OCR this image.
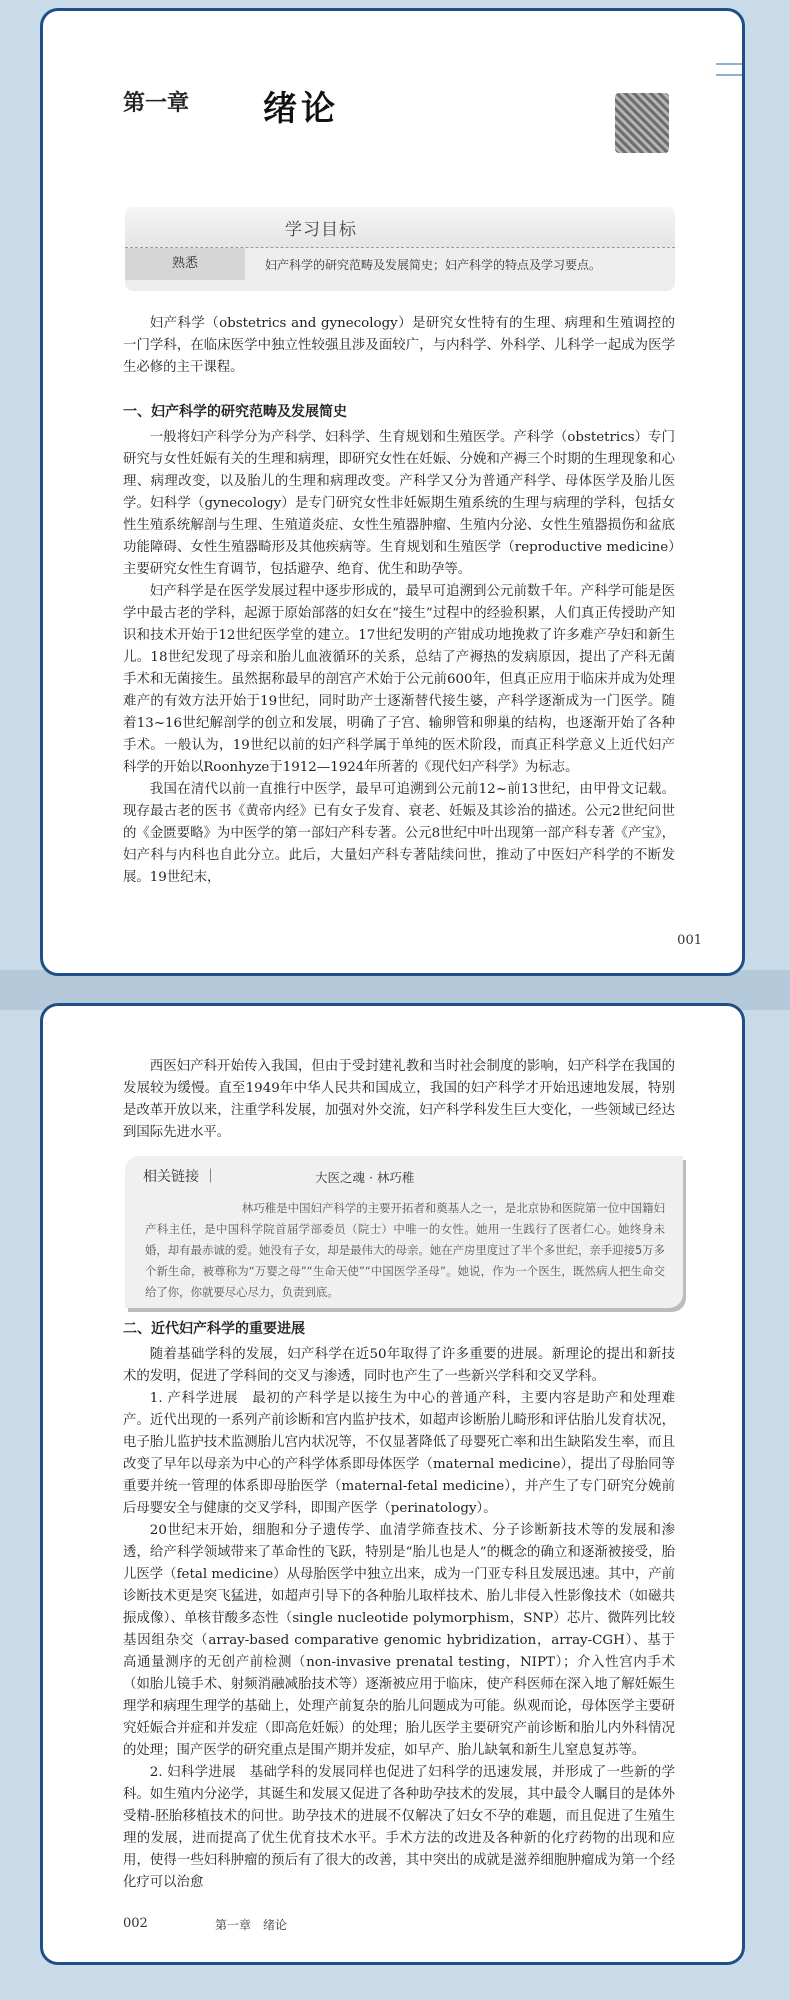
第一章 绪论
学习目标
熟悉	妇产科学的研究范畴及发展简史；妇产科学的特点及学习要点。

妇产科学（obstetrics and gynecology）是研究女性特有的生理、病理和生殖调控的一门学科，在临床医学中独立性较强且涉及面较广，与内科学、外科学、儿科学一起成为医学生必修的主干课程。

一、妇产科学的研究范畴及发展简史

一般将妇产科学分为产科学、妇科学、生育规划和生殖医学。产科学（obstetrics）专门研究与女性妊娠有关的生理和病理，即研究女性在妊娠、分娩和产褥三个时期的生理现象和心理、病理改变，以及胎儿的生理和病理改变。产科学又分为普通产科学、母体医学及胎儿医学。妇科学（gynecology）是专门研究女性非妊娠期生殖系统的生理与病理的学科，包括女性生殖系统解剖与生理、生殖道炎症、女性生殖器肿瘤、生殖内分泌、女性生殖器损伤和盆底功能障碍、女性生殖器畸形及其他疾病等。生育规划和生殖医学（reproductive medicine）主要研究女性生育调节，包括避孕、绝育、优生和助孕等。

妇产科学是在医学发展过程中逐步形成的，最早可追溯到公元前数千年。产科学可能是医学中最古老的学科，起源于原始部落的妇女在“接生”过程中的经验积累，人们真正传授助产知识和技术开始于12世纪医学堂的建立。17世纪发明的产钳成功地挽救了许多难产孕妇和新生儿。18世纪发现了母亲和胎儿血液循环的关系，总结了产褥热的发病原因，提出了产科无菌手术和无菌接生。虽然据称最早的剖宫产术始于公元前600年，但真正应用于临床并成为处理难产的有效方法开始于19世纪，同时助产士逐渐替代接生婆，产科学逐渐成为一门医学。随着13~16世纪解剖学的创立和发展，明确了子宫、输卵管和卵巢的结构，也逐渐开始了各种手术。一般认为，19世纪以前的妇产科学属于单纯的医术阶段，而真正科学意义上近代妇产科学的开始以Roonhyze于1912—1924年所著的《现代妇产科学》为标志。

我国在清代以前一直推行中医学，最早可追溯到公元前12~前13世纪，由甲骨文记载。现存最古老的医书《黄帝内经》已有女子发育、衰老、妊娠及其诊治的描述。公元2世纪问世的《金匮要略》为中医学的第一部妇产科专著。公元8世纪中叶出现第一部产科专著《产宝》，妇产科与内科也自此分立。此后，大量妇产科专著陆续问世，推动了中医妇产科学的不断发展。19世纪末，

001

西医妇产科开始传入我国，但由于受封建礼教和当时社会制度的影响，妇产科学在我国的发展较为缓慢。直至1949年中华人民共和国成立，我国的妇产科学才开始迅速地发展，特别是改革开放以来，注重学科发展，加强对外交流，妇产科学科发生巨大变化，一些领域已经达到国际先进水平。

相关链接 ｜	大医之魂 · 林巧稚

林巧稚是中国妇产科学的主要开拓者和奠基人之一，是北京协和医院第一位中国籍妇产科主任，是中国科学院首届学部委员（院士）中唯一的女性。她用一生践行了医者仁心。她终身未婚，却有最赤诚的爱。她没有子女，却是最伟大的母亲。她在产房里度过了半个多世纪，亲手迎接5万多个新生命，被尊称为“万婴之母”“生命天使”“中国医学圣母”。她说，作为一个医生，既然病人把生命交给了你，你就要尽心尽力，负责到底。

二、近代妇产科学的重要进展

随着基础学科的发展，妇产科学在近50年取得了许多重要的进展。新理论的提出和新技术的发明，促进了学科间的交叉与渗透，同时也产生了一些新兴学科和交叉学科。

1. 产科学进展　最初的产科学是以接生为中心的普通产科，主要内容是助产和处理难产。近代出现的一系列产前诊断和宫内监护技术，如超声诊断胎儿畸形和评估胎儿发育状况，电子胎儿监护技术监测胎儿宫内状况等，不仅显著降低了母婴死亡率和出生缺陷发生率，而且改变了早年以母亲为中心的产科学体系即母体医学（maternal medicine），提出了母胎同等重要并统一管理的体系即母胎医学（maternal-fetal medicine），并产生了专门研究分娩前后母婴安全与健康的交叉学科，即围产医学（perinatology）。

20世纪末开始，细胞和分子遗传学、血清学筛查技术、分子诊断新技术等的发展和渗透，给产科学领域带来了革命性的飞跃，特别是“胎儿也是人”的概念的确立和逐渐被接受，胎儿医学（fetal medicine）从母胎医学中独立出来，成为一门亚专科且发展迅速。其中，产前诊断技术更是突飞猛进，如超声引导下的各种胎儿取样技术、胎儿非侵入性影像技术（如磁共振成像）、单核苷酸多态性（single nucleotide polymorphism，SNP）芯片、微阵列比较基因组杂交（array-based comparative genomic hybridization，array-CGH）、基于高通量测序的无创产前检测（non-invasive prenatal testing，NIPT）；介入性宫内手术（如胎儿镜手术、射频消融减胎技术等）逐渐被应用于临床，使产科医师在深入地了解妊娠生理学和病理生理学的基础上，处理产前复杂的胎儿问题成为可能。纵观而论，母体医学主要研究妊娠合并症和并发症（即高危妊娠）的处理；胎儿医学主要研究产前诊断和胎儿内外科情况的处理；围产医学的研究重点是围产期并发症，如早产、胎儿缺氧和新生儿窒息复苏等。

2. 妇科学进展　基础学科的发展同样也促进了妇科学的迅速发展，并形成了一些新的学科。如生殖内分泌学，其诞生和发展又促进了各种助孕技术的发展，其中最令人瞩目的是体外受精-胚胎移植技术的问世。助孕技术的进展不仅解决了妇女不孕的难题，而且促进了生殖生理的发展，进而提高了优生优育技术水平。手术方法的改进及各种新的化疗药物的出现和应用，使得一些妇科肿瘤的预后有了很大的改善，其中突出的成就是滋养细胞肿瘤成为第一个经化疗可以治愈

002	第一章　绪论
